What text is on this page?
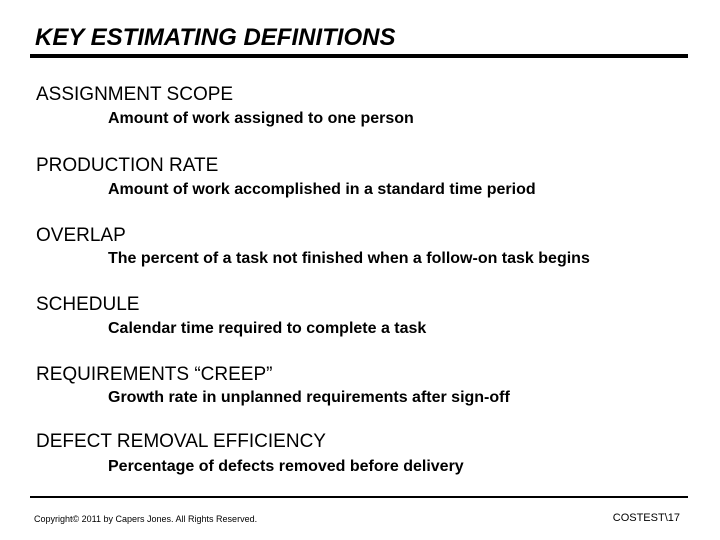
KEY ESTIMATING DEFINITIONS
ASSIGNMENT SCOPE
Amount of work assigned to one person
PRODUCTION RATE
Amount of work accomplished in a standard time period
OVERLAP
The percent of a task not finished when a follow-on task begins
SCHEDULE
Calendar time required to complete a task
REQUIREMENTS “CREEP”
Growth rate in unplanned requirements after sign-off
DEFECT REMOVAL EFFICIENCY
Percentage of defects removed before delivery
Copyright© 2011 by Capers Jones. All Rights Reserved.	COSTEST\17
